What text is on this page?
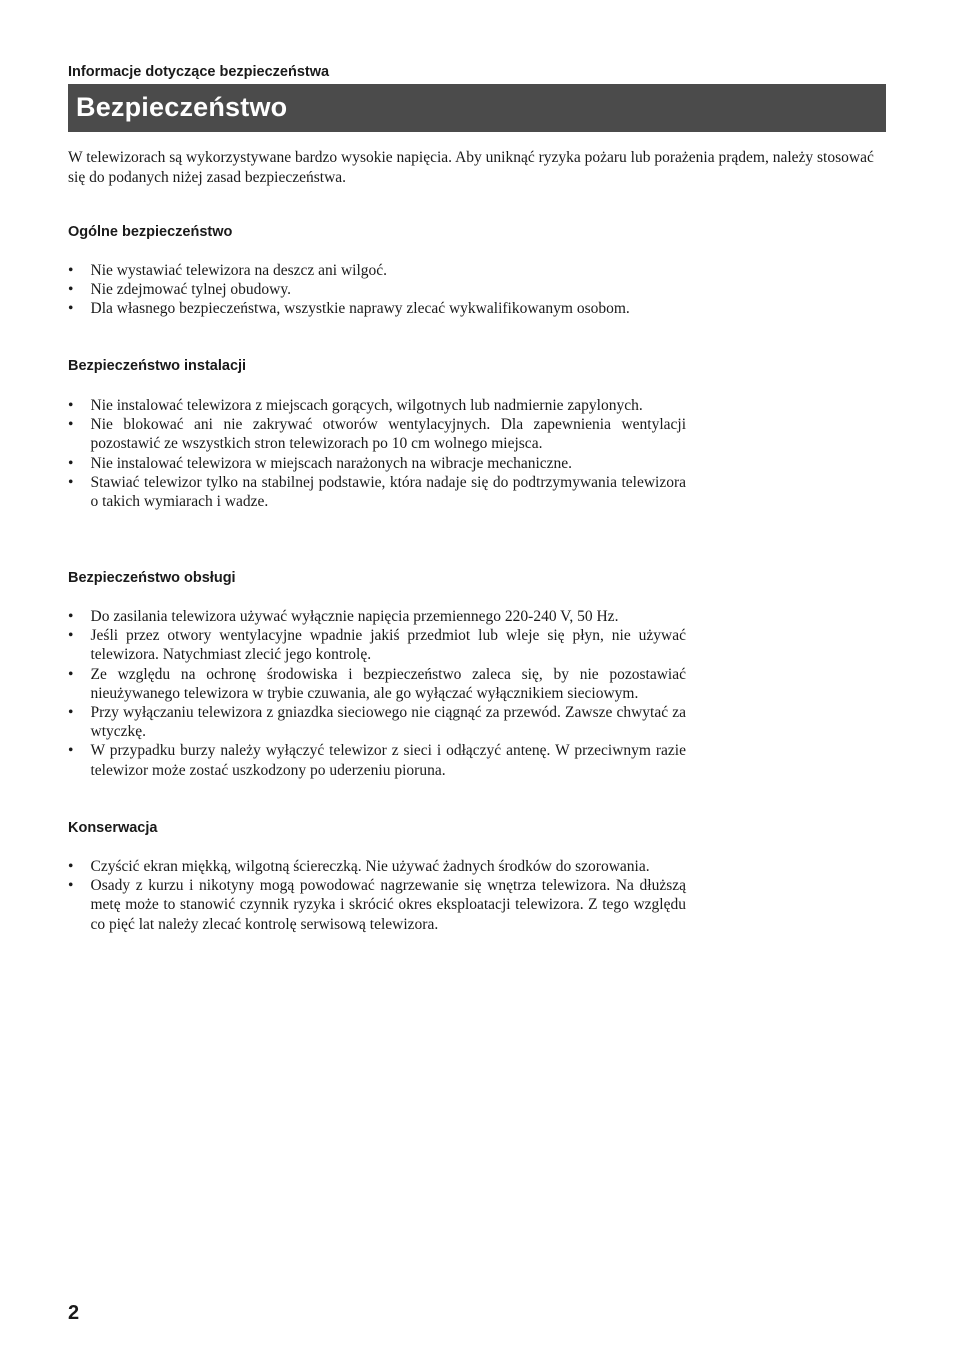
Informacje dotyczące bezpieczeństwa
Bezpieczeństwo

W telewizorach są wykorzystywane bardzo wysokie napięcia. Aby uniknąć ryzyka pożaru lub porażenia prądem, należy stosować się do podanych niżej zasad bezpieczeństwa.

Ogólne bezpieczeństwo
• Nie wystawiać telewizora na deszcz ani wilgoć.
• Nie zdejmować tylnej obudowy.
• Dla własnego bezpieczeństwa, wszystkie naprawy zlecać wykwalifikowanym osobom.
Bezpieczeństwo instalacji
• Nie instalować telewizora z miejscach gorących, wilgotnych lub nadmiernie zapylonych.
• Nie blokować ani nie zakrywać otworów wentylacyjnych. Dla zapewnienia wentylacji pozostawić ze wszystkich stron telewizorach po 10 cm wolnego miejsca.
• Nie instalować telewizora w miejscach narażonych na wibracje mechaniczne.
• Stawiać telewizor tylko na stabilnej podstawie, która nadaje się do podtrzymywania telewizora o takich wymiarach i wadze.
Bezpieczeństwo obsługi
• Do zasilania telewizora używać wyłącznie napięcia przemiennego 220-240 V, 50 Hz.
• Jeśli przez otwory wentylacyjne wpadnie jakiś przedmiot lub wleje się płyn, nie używać telewizora. Natychmiast zlecić jego kontrolę.
• Ze względu na ochronę środowiska i bezpieczeństwo zaleca się, by nie pozostawiać nieużywanego telewizora w trybie czuwania, ale go wyłączać wyłącznikiem sieciowym.
• Przy wyłączaniu telewizora z gniazdka sieciowego nie ciągnąć za przewód. Zawsze chwytać za wtyczkę.
• W przypadku burzy należy wyłączyć telewizor z sieci i odłączyć antenę. W przeciwnym razie telewizor może zostać uszkodzony po uderzeniu pioruna.
Konserwacja
• Czyścić ekran miękką, wilgotną ściereczką. Nie używać żadnych środków do szorowania.
• Osady z kurzu i nikotyny mogą powodować nagrzewanie się wnętrza telewizora. Na dłuższą metę może to stanowić czynnik ryzyka i skrócić okres eksploatacji telewizora. Z tego względu co pięć lat należy zlecać kontrolę serwisową telewizora.
2
